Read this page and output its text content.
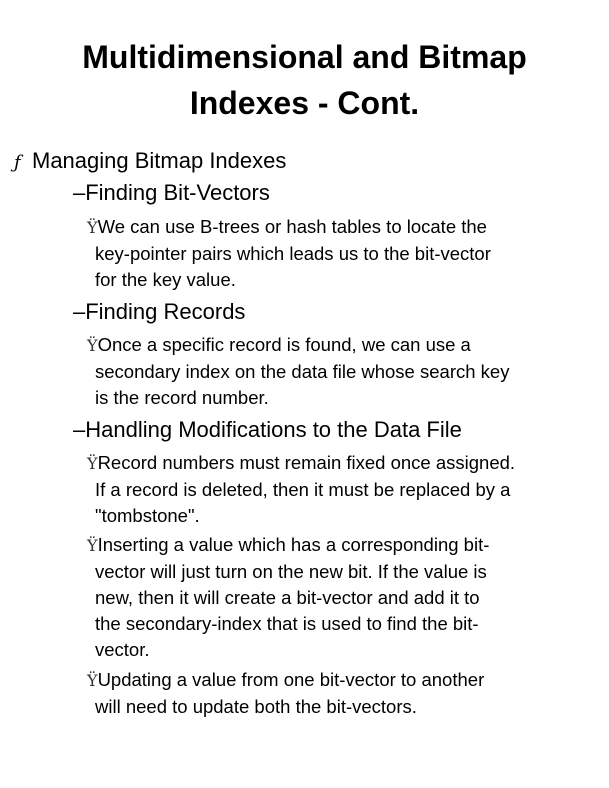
Multidimensional and Bitmap
Indexes - Cont.
ƒ Managing Bitmap Indexes
–Finding Bit-Vectors
ŸWe can use B-trees or hash tables to locate the
key-pointer pairs which leads us to the bit-vector
for the key value.
–Finding Records
ŸOnce a specific record is found, we can use a
secondary index on the data file whose search key
is the record number.
–Handling Modifications to the Data File
ŸRecord numbers must remain fixed once assigned.
If a record is deleted, then it must be replaced by a
"tombstone".
ŸInserting a value which has a corresponding bit-
vector will just turn on the new bit. If the value is
new, then it will create a bit-vector and add it to
the secondary-index that is used to find the bit-
vector.
ŸUpdating a value from one bit-vector to another
will need to update both the bit-vectors.
